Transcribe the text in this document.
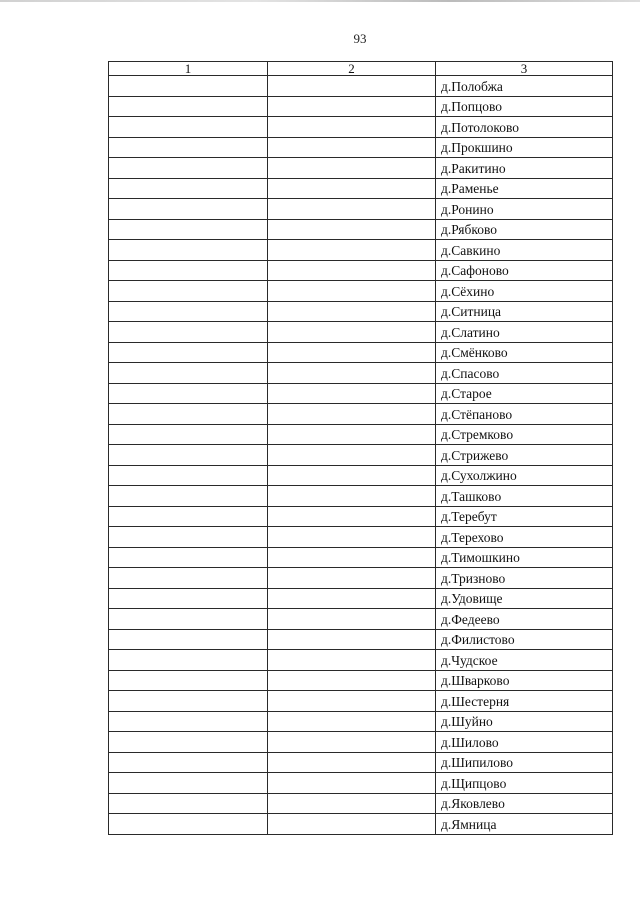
93
1	2	3
		д.Полобжа
		д.Попцово
		д.Потолоково
		д.Прокшино
		д.Ракитино
		д.Раменье
		д.Ронино
		д.Рябково
		д.Савкино
		д.Сафоново
		д.Сёхино
		д.Ситница
		д.Слатино
		д.Смёнково
		д.Спасово
		д.Старое
		д.Стёпаново
		д.Стремково
		д.Стрижево
		д.Сухолжино
		д.Ташково
		д.Теребут
		д.Терехово
		д.Тимошкино
		д.Тризново
		д.Удовище
		д.Федеево
		д.Филистово
		д.Чудское
		д.Шварково
		д.Шестерня
		д.Шуйно
		д.Шилово
		д.Шипилово
		д.Щипцово
		д.Яковлево
		д.Ямница
